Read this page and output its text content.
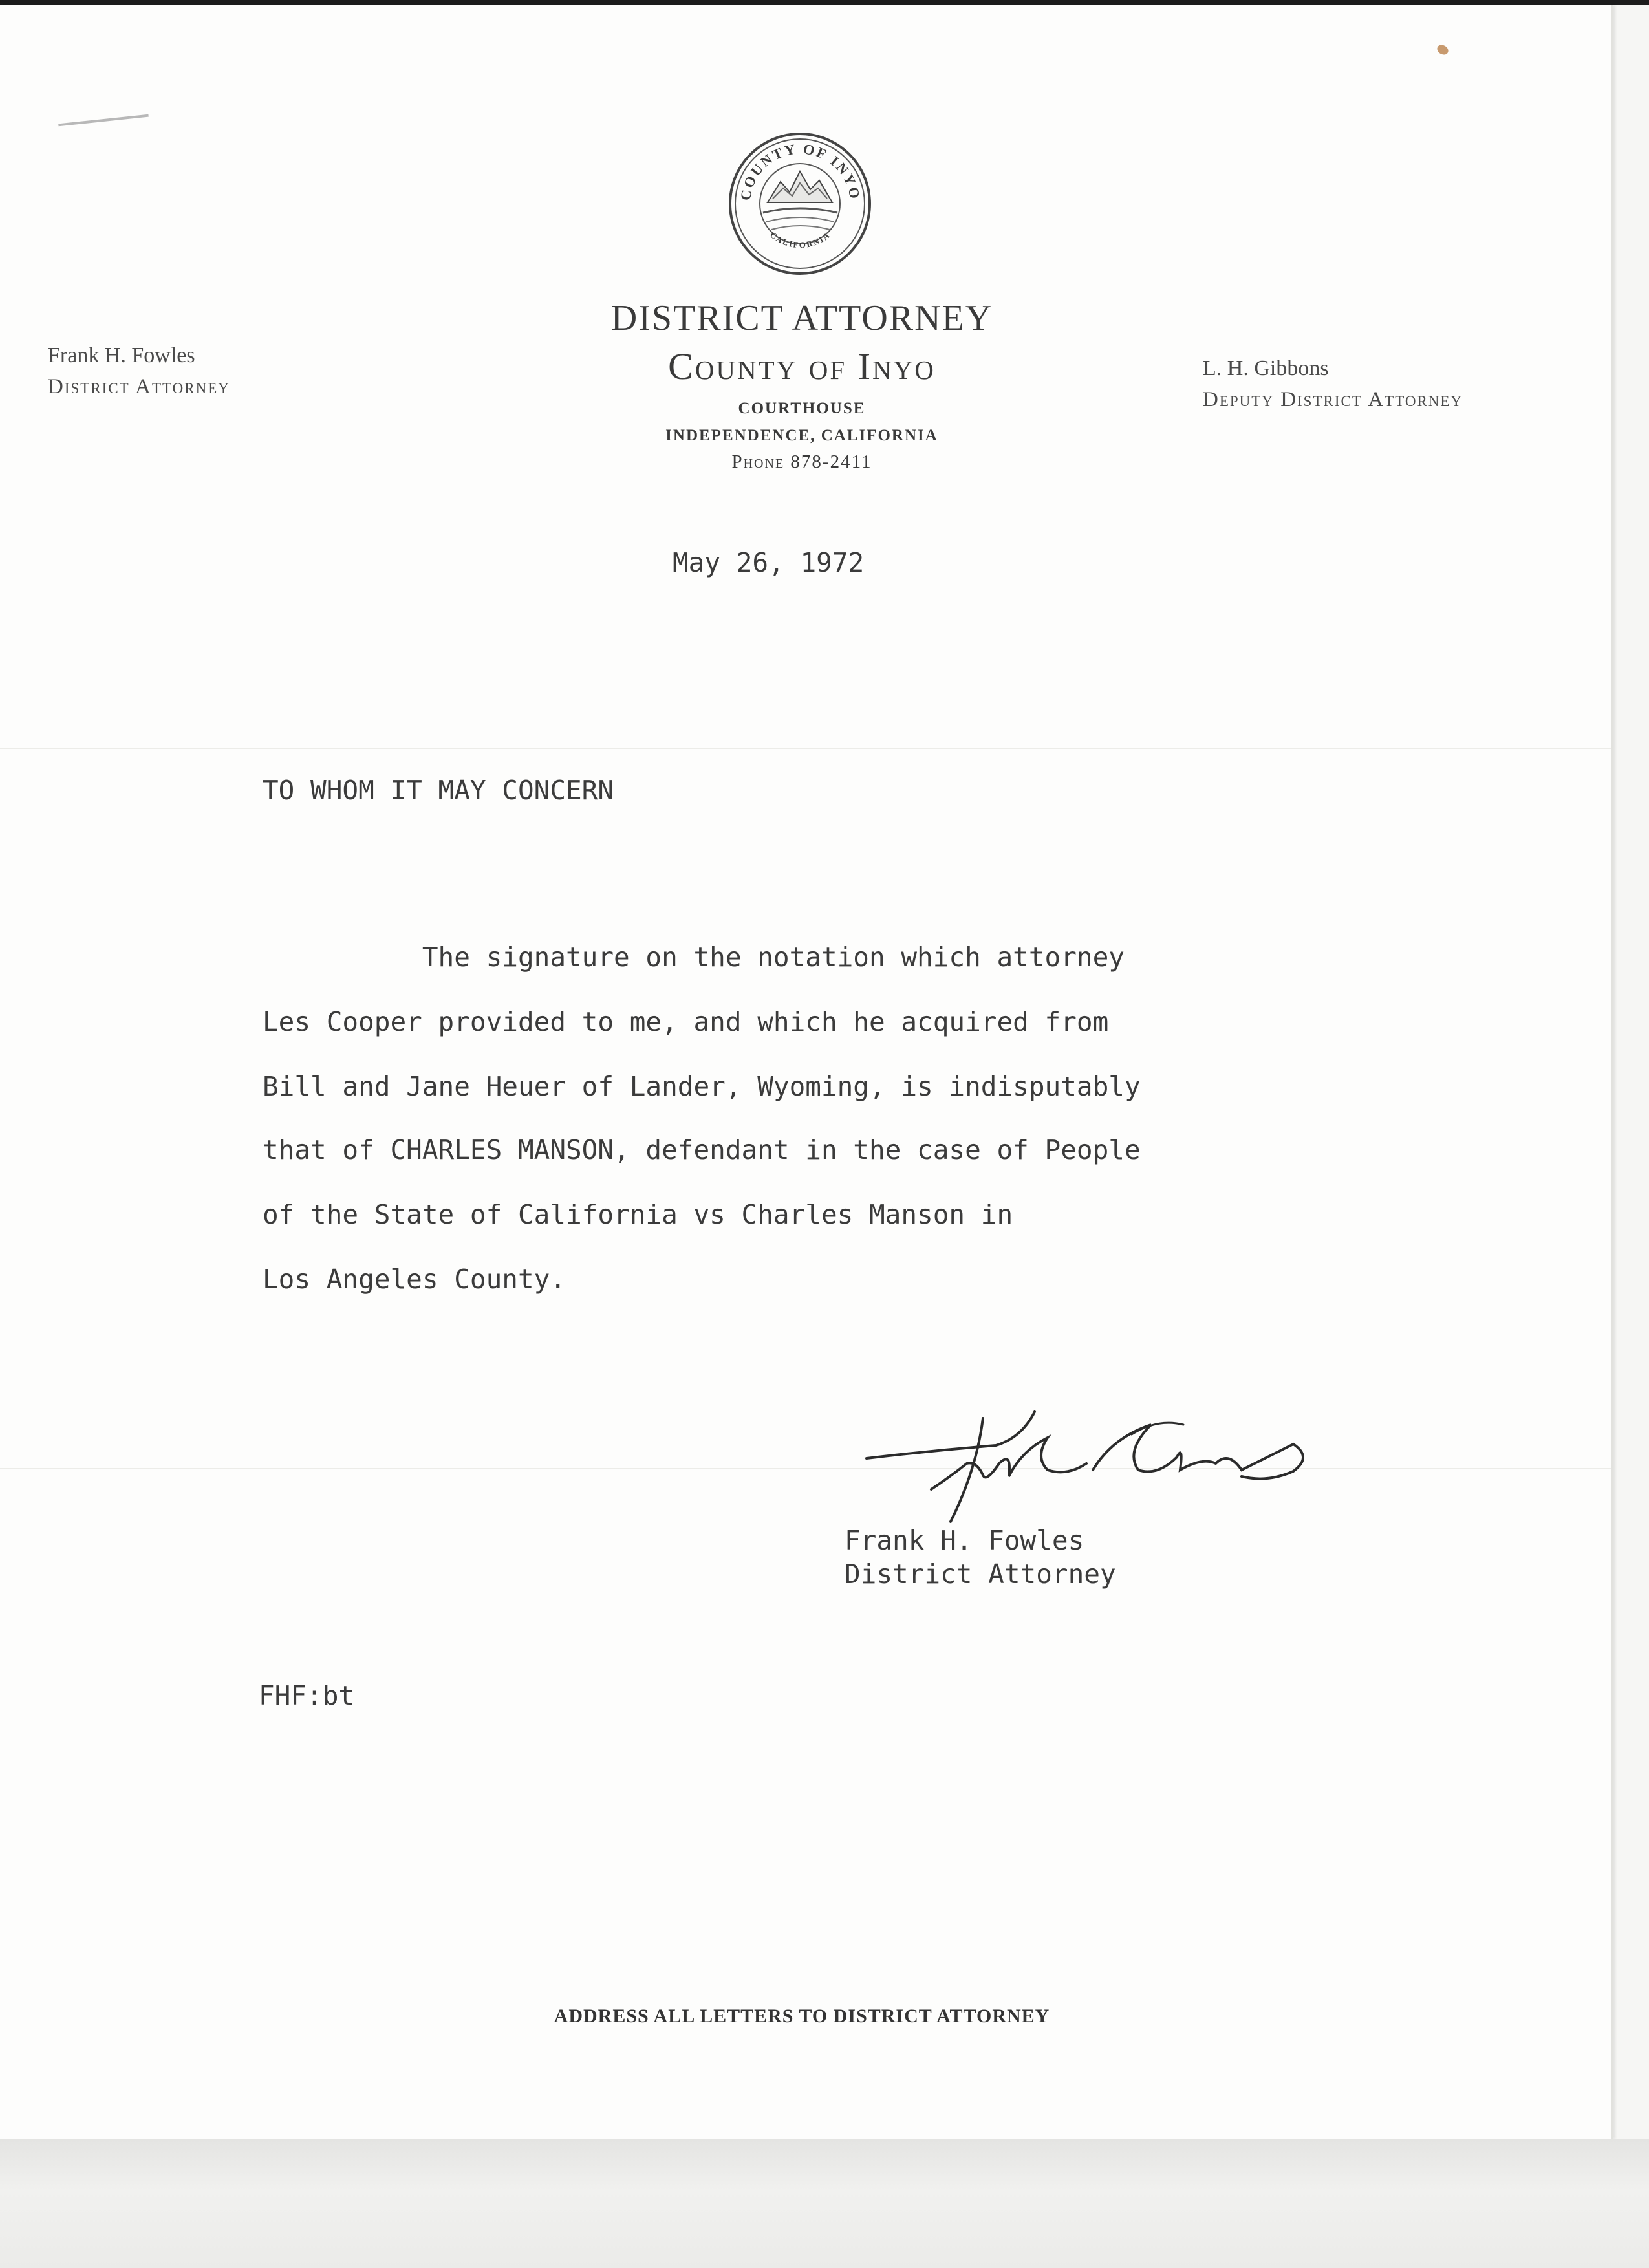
COUNTY OF INYO
CALIFORNIA
Frank H. Fowles
District Attorney
L. H. Gibbons
Deputy District Attorney
DISTRICT ATTORNEY
County of Inyo
COURTHOUSE
INDEPENDENCE, CALIFORNIA
Phone 878-2411
May 26, 1972
TO WHOM IT MAY CONCERN
The signature on the notation which attorney
Les Cooper provided to me, and which he acquired from
Bill and Jane Heuer of Lander, Wyoming, is indisputably
that of CHARLES MANSON, defendant in the case of People
of the State of California vs Charles Manson in
Los Angeles County.
Frank H. Fowles
District Attorney
FHF:bt
ADDRESS ALL LETTERS TO DISTRICT ATTORNEY
